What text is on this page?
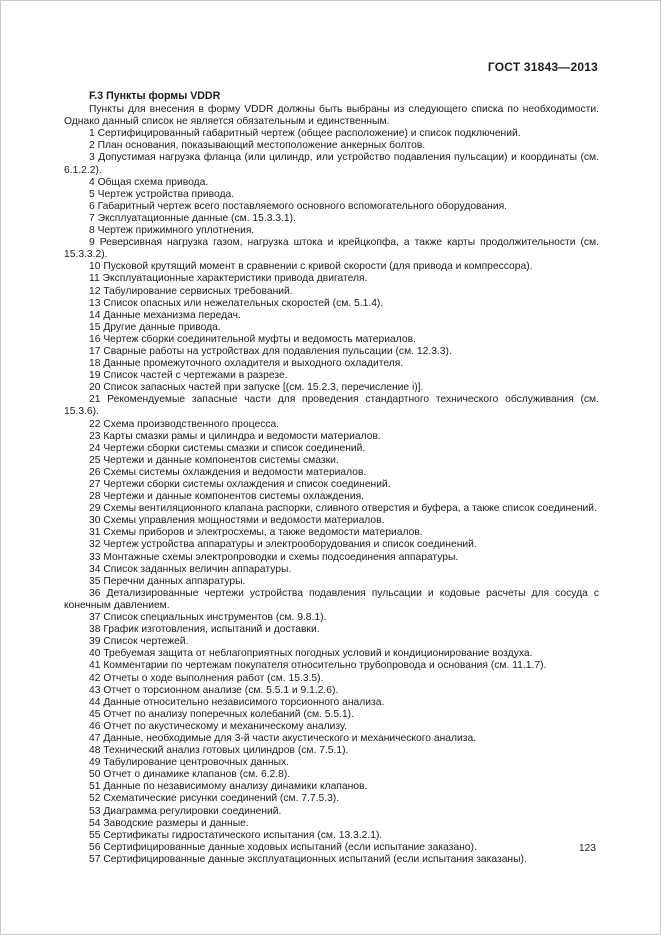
ГОСТ 31843—2013

F.3 Пункты формы VDDR

Пункты для внесения в форму VDDR должны быть выбраны из следующего списка по необходимости. Однако данный список не является обязательным и единственным.

1 Сертифицированный габаритный чертеж (общее расположение) и список подключений.
2 План основания, показывающий местоположение анкерных болтов.
3 Допустимая нагрузка фланца (или цилиндр, или устройство подавления пульсации) и координаты (см. 6.1.2.2).
4 Общая схема привода.
5 Чертеж устройства привода.
6 Габаритный чертеж всего поставляемого основного вспомогательного оборудования.
7 Эксплуатационные данные (см. 15.3.3.1).
8 Чертеж прижимного уплотнения.
9 Реверсивная нагрузка газом, нагрузка штока и крейцкопфа, а также карты продолжительности (см. 15.3.3.2).
10 Пусковой крутящий момент в сравнении с кривой скорости (для привода и компрессора).
11 Эксплуатационные характеристики привода двигателя.
12 Табулирование сервисных требований.
13 Список опасных или нежелательных скоростей (см. 5.1.4).
14 Данные механизма передач.
15 Другие данные привода.
16 Чертеж сборки соединительной муфты и ведомость материалов.
17 Сварные работы на устройствах для подавления пульсации (см. 12.3.3).
18 Данные промежуточного охладителя и выходного охладителя.
19 Список частей с чертежами в разрезе.
20 Список запасных частей при запуске [(см. 15.2.3, перечисление i)].
21 Рекомендуемые запасные части для проведения стандартного технического обслуживания (см. 15.3.6).
22 Схема производственного процесса.
23 Карты смазки рамы и цилиндра и ведомости материалов.
24 Чертежи сборки системы смазки и список соединений.
25 Чертежи и данные компонентов системы смазки.
26 Схемы системы охлаждения и ведомости материалов.
27 Чертежи сборки системы охлаждения и список соединений.
28 Чертежи и данные компонентов системы охлаждения.
29 Схемы вентиляционного клапана распорки, сливного отверстия и буфера, а также список соединений.
30 Схемы управления мощностями и ведомости материалов.
31 Схемы приборов и электросхемы, а также ведомости материалов.
32 Чертеж устройства аппаратуры и электрооборудования и список соединений.
33 Монтажные схемы электропроводки и схемы подсоединения аппаратуры.
34 Список заданных величин аппаратуры.
35 Перечни данных аппаратуры.
36 Детализированные чертежи устройства подавления пульсации и кодовые расчеты для сосуда с конечным давлением.
37 Список специальных инструментов (см. 9.8.1).
38 График изготовления, испытаний и доставки.
39 Список чертежей.
40 Требуемая защита от неблагоприятных погодных условий и кондиционирование воздуха.
41 Комментарии по чертежам покупателя относительно трубопровода и основания (см. 11.1.7).
42 Отчеты о ходе выполнения работ (см. 15.3.5).
43 Отчет о торсионном анализе (см. 5.5.1 и 9.1.2.6).
44 Данные относительно независимого торсионного анализа.
45 Отчет по анализу поперечных колебаний (см. 5.5.1).
46 Отчет по акустическому и механическому анализу.
47 Данные, необходимые для 3-й части акустического и механического анализа.
48 Технический анализ готовых цилиндров (см. 7.5.1).
49 Табулирование центровочных данных.
50 Отчет о динамике клапанов (см. 6.2.8).
51 Данные по независимому анализу динамики клапанов.
52 Схематические рисунки соединений (см. 7.7.5.3).
53 Диаграмма регулировки соединений.
54 Заводские размеры и данные.
55 Сертификаты гидростатического испытания (см. 13.3.2.1).
56 Сертифицированные данные ходовых испытаний (если испытание заказано).
57 Сертифицированные данные эксплуатационных испытаний (если испытания заказаны).
123
